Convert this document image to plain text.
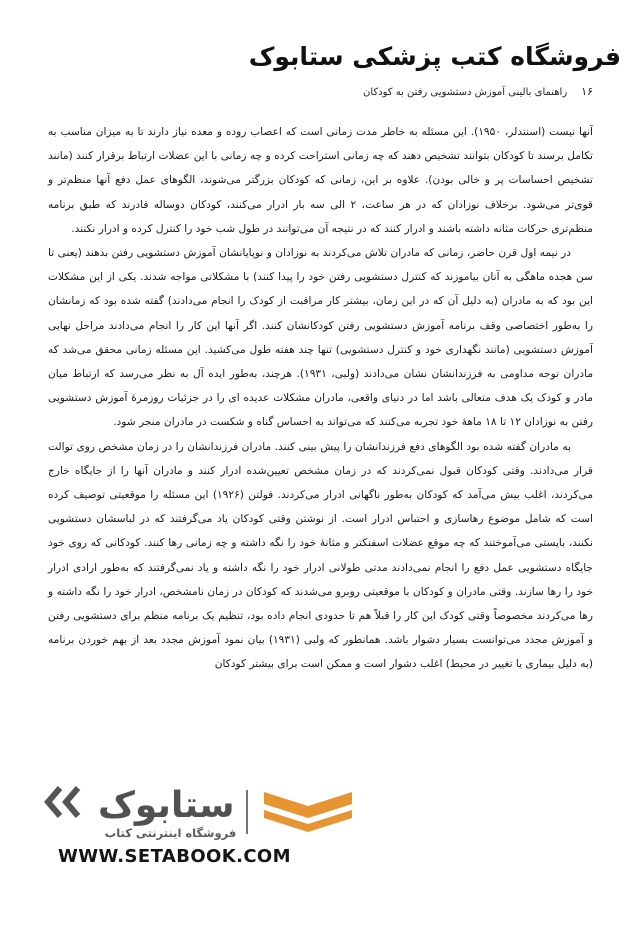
فروشگاه کتب پزشکی ستابوک
۱۶راهنمای بالینی آموزش دستشویی رفتن به کودکان

آنها نیست (اسنتدلر، ۱۹۵۰). این مسئله به خاطر مدت زمانی است که اعصاب روده و معده نیاز دارند تا به میزان مناسب به تکامل برسند تا کودکان بتوانند تشخیص دهند که چه زمانی استراحت کرده و چه زمانی با این عضلات ارتباط برقرار کنند (مانند تشخیص احساسات پر و خالی بودن). علاوه بر این، زمانی که کودکان بزرگتر می‌شوند، الگوهای عمل دفع آنها منظم‌تر و قوی‌تر می‌شود. برخلاف نوزادان که در هر ساعت، ۲ الی سه بار ادرار می‌کنند، کودکان دوساله قادرند که طبق برنامه منظم‌تری حرکات مثانه داشته باشند و ادرار کنند که در نتیجه آن می‌توانند در طول شب خود را کنترل کرده و ادرار نکنند.

در نیمه اول قرن حاضر، زمانی که مادران تلاش می‌کردند به نوزادان و نوپایانشان آموزش دستشویی رفتن بدهند (یعنی تا سن هجده ماهگی به آنان بیاموزند که کنترل دستشویی رفتن خود را پیدا کنند) با مشکلاتی مواجه شدند. یکی از این مشکلات این بود که به مادران (به دلیل آن که در این زمان، بیشتر کار مراقبت از کودک را انجام می‌دادند) گفته شده بود که زمانشان را به‌طور اختصاصی وقف برنامه آموزش دستشویی رفتن کودکانشان کنند. اگر آنها این کار را انجام می‌دادند مراحل نهایی آموزش دستشویی (مانند نگهداری خود و کنترل دستشویی) تنها چند هفته طول می‌کشید. این مسئله زمانی محقق می‌شد که مادران توجه مداومی به فرزندانشان نشان می‌دادند (ولبی، ۱۹۳۱). هرچند، به‌طور ایده آل به نظر می‌رسد که ارتباط میان مادر و کودک یک هدف متعالی باشد اما در دنیای واقعی، مادران مشکلات عدیده ای را در جزئیات روزمرهٔ آموزش دستشویی رفتن به نوزادان ۱۲ تا ۱۸ ماههٔ خود تجربه می‌کنند که می‌تواند به احساس گناه و شکست در مادران منجر شود.

به مادران گفته شده بود الگوهای دفع فرزندانشان را پیش بینی کنند. مادران فرزندانشان را در زمان مشخص روی توالت قرار می‌دادند. وقتی کودکان قبول نمی‌کردند که در زمان مشخص تعیین‌شده ادرار کنند و مادران آنها را از جایگاه خارج می‌کردند، اغلب بیش می‌آمد که کودکان به‌طور ناگهانی ادرار می‌کردند. فولتن (۱۹۲۶) این مسئله را موقعیتی توصیف کرده است که شامل موضوع رهاسازی و احتباس ادرار است. از نوشتن وقتی کودکان یاد می‌گرفتند که در لباسشان دستشویی نکنند، بایستی می‌آموختند که چه موقع عضلات اسفنکتر و مثانهٔ خود را نگه داشته و چه زمانی رها کنند. کودکانی که روی خود جایگاه دستشویی عمل دفع را انجام نمی‌دادند مدتی طولانی ادرار خود را نگه داشته و یاد نمی‌گرفتند که به‌طور ارادی ادرار خود را رها سازند. وقتی مادران و کودکان با موقعیتی روبرو می‌شدند که کودکان در زمان نامشخص، ادرار خود را نگه داشته و رها می‌کردند مخصوصاً وقتی کودک این کار را قبلاً هم تا حدودی انجام داده بود، تنظیم یک برنامه منظم برای دستشویی رفتن و آموزش مجدد می‌توانست بسیار دشوار باشد. همانطور که ولبی (۱۹۳۱) بیان نمود آموزش مجدد بعد از بهم خوردن برنامه (به دلیل بیماری یا تغییر در محیط) اغلب دشوار است و ممکن است برای بیشتر کودکان

ستابوک
فروشگاه اینترنتی کتاب
WWW.SETABOOK.COM
